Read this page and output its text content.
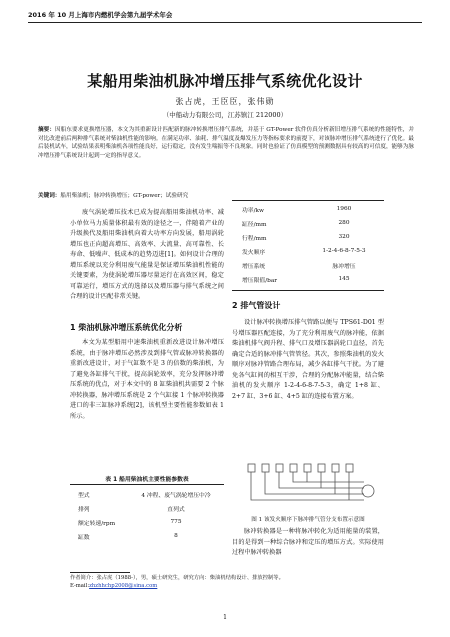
2016 年 10 月上海市内燃机学会第九届学术年会
某船用柴油机脉冲增压排气系统优化设计
张占虎，王臣臣，张伟勋
（中船动力有限公司，江苏镇江 212000）
摘要：因船东要求更换增压器，本文为其重新设计匹配新的脉冲转换增压排气系统，并基于 GT-Power 软件仿真分析新旧增压排气系统的性能特性，并对比改进前后两种排气系统对柴油机性能的影响。在满足功率、油耗、排气温度及爆发压力等指标要求的前提下，对该脉冲增压排气系统进行了优化。最后装机试车，试验结果表明柴油机各项性能良好，运行稳定，没有发生喘振等不良现象。同时也验证了仿真模型的预测数据具有较高的可信度，能够为脉冲增压排气系统设计起到一定的指导意义。
关键词：船用柴油机；脉冲转换增压；GT-power；试验研究
废气涡轮增压技术已成为提高船用柴油机功率、减小单位马力质量体积最有效的途径之一，伴随着产业的升级换代及船用柴油机向着大功率方向发展，船用涡轮增压也正向超高增压、高效率、大流量、高可靠性、长寿命、低噪声、低成本的趋势迈进[1]。如何设计合理的增压系统以充分利用废气能量是保证增压柴油机性能的关键要素，为使涡轮增压器尽量运行在高效区间，稳定可靠运行，增压方式的选择以及增压器与排气系统之间合理的设计匹配非常关键。
1 柴油机脉冲增压系统优化分析
本文为某型船用中速柴油机重新改进设计脉冲增压系统，由于脉冲增压必然涉及到排气管或脉冲转换器的重新改进设计，对于气缸数不是 3 的倍数的柴油机，为了避免各缸排气干扰，提高涡轮效率，充分发挥脉冲增压系统的优点，对于本文中的 8 缸柴油机共需要 2 个脉冲转换器，脉冲增压系统是 2 个气缸接 1 个脉冲转换器进口的非三缸脉冲系统[2]，该机型主要性能参数如表 1 所示。
表 1 船用柴油机主要性能参数表
型式	4 冲程、废气涡轮增压中冷
排列	直列式
额定转速/rpm	775
缸数	8
功率/kw	1960
缸径/mm	280
行程/mm	320
发火顺序	1-2-4-6-8-7-5-3
增压系统	脉冲增压
增压限值/bar	145
2 排气管设计
设计脉冲转换增压排气管路以便与 TPS61-D01 型号增压器匹配连接，为了充分利用废气的脉冲能，依据柴油机排气阀升程、排气口及增压器涡轮口直径，首先确定合适的脉冲排气管管径。其次，参照柴油机的发火顺序对脉冲管路合理布局，减少各缸排气干扰。为了避免各气缸间的相互干涉，合理的分配脉冲能量，结合柴油机的发火顺序 1-2-4-6-8-7-5-3，确定 1+8 缸、2+7 缸、3+6 缸、4+5 缸的连接布置方案。
图 1 该发火顺序下脉冲排气管分支布置示意图
脉冲转换器是一种将脉冲转化为适用能量的装置，目的是得到一种综合脉冲和定压的增压方式。实际使用过程中脉冲转换器
作者简介：张占虎（1988-），男，硕士研究生，研究方向：柴油机结构设计、排放控制等。
E-mail:zhzhhchp2008@sina.com
1
